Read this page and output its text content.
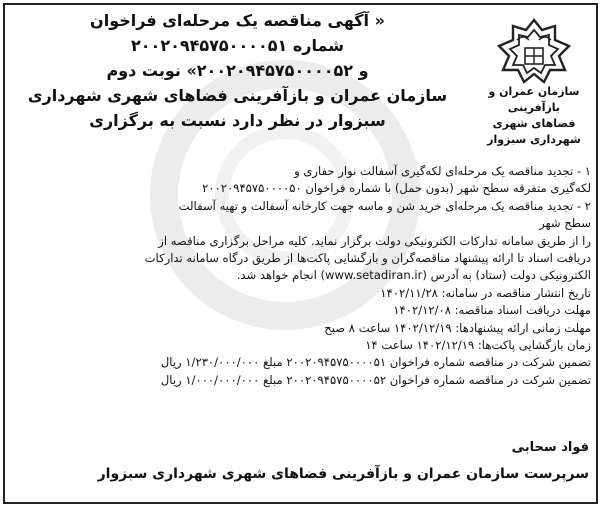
سازمان عمران و بازآفرینی
فضاهای شهری
شهرداری سبزوار
« آگهی مناقصه یک مرحله‌ای فراخوان
شماره ۲۰۰۲۰۹۴۵۷۵۰۰۰۰۵۱
و ۲۰۰۲۰۹۴۵۷۵۰۰۰۰۵۲» نوبت دوم
سازمان عمران و بازآفرینی فضاهای شهری شهرداری
سبزوار در نظر دارد نسبت به برگزاری
۱ - تجدید مناقصه یک مرحله‌ای لکه‌گیری آسفالت نوار حفاری و
لکه‌گیری متفرقه سطح شهر (بدون حمل) با شماره فراخوان ۲۰۰۲۰۹۴۵۷۵۰۰۰۰۵۰
۲ - تجدید مناقصه یک مرحله‌ای خرید شن و ماسه جهت کارخانه آسفالت و تهیه آسفالت
سطح شهر
را از طریق سامانه تدارکات الکترونیکی دولت برگزار نماید. کلیه مراحل برگزاری مناقصه از
دریافت اسناد تا ارائه پیشنهاد مناقصه‌گران و بازگشایی پاکت‌ها از طریق درگاه سامانه تدارکات
الکترونیکی دولت (ستاد) به آدرس (www.setadiran.ir) انجام خواهد شد.
تاریخ انتشار مناقصه در سامانه: ۱۴۰۲/۱۱/۲۸
مهلت دریافت اسناد مناقصه: ۱۴۰۲/۱۲/۰۸
مهلت زمانی ارائه پیشنهادها: ۱۴۰۲/۱۲/۱۹ ساعت ۸ صبح
زمان بازگشایی پاکت‌ها: ۱۴۰۲/۱۲/۱۹ ساعت ۱۴
تضمین شرکت در مناقصه شماره فراخوان ۲۰۰۲۰۹۴۵۷۵۰۰۰۰۵۱ مبلغ ۱/۲۳۰/۰۰۰/۰۰۰ ریال
تضمین شرکت در مناقصه شماره فراخوان ۲۰۰۲۰۹۴۵۷۵۰۰۰۰۵۲ مبلغ ۱/۰۰۰/۰۰۰/۰۰۰ ریال
فواد سحابی
سرپرست سازمان عمران و بازآفرینی فضاهای شهری شهرداری سبزوار
